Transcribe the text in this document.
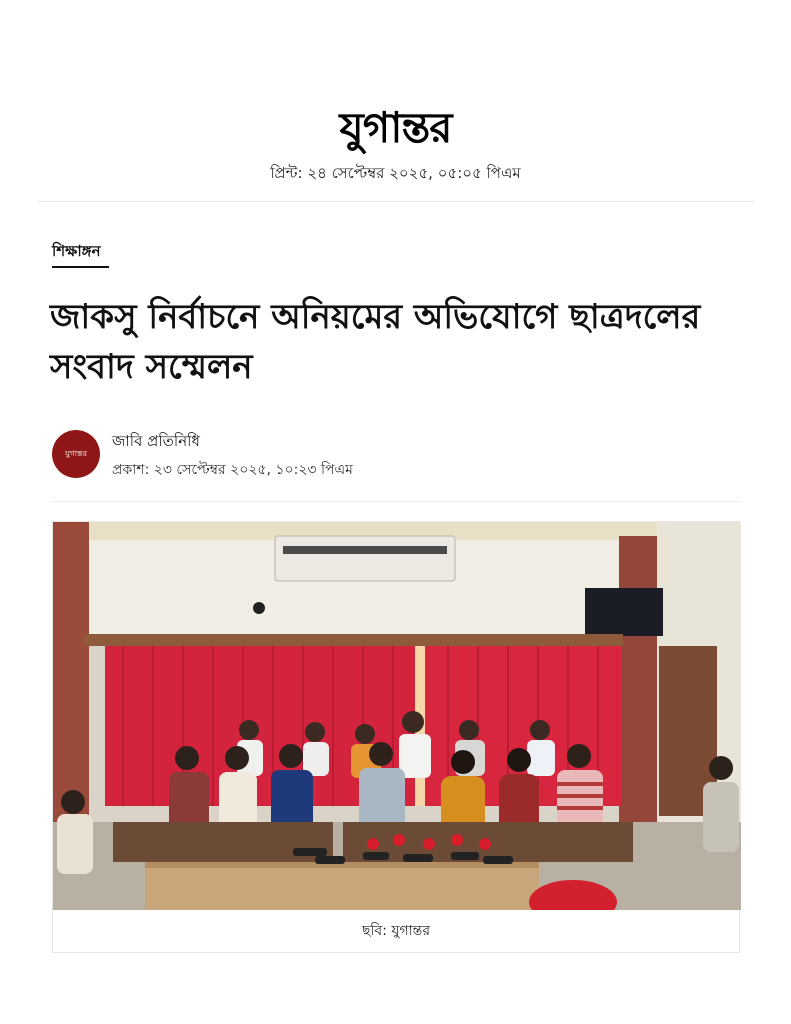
যুগান্তর
প্রিন্ট: ২৪ সেপ্টেম্বর ২০২৫, ০৫:০৫ পিএম
শিক্ষাঙ্গন
জাকসু নির্বাচনে অনিয়মের অভিযোগে ছাত্রদলের সংবাদ সম্মেলন
যুগান্তর
জাবি প্রতিনিধি
প্রকাশ: ২৩ সেপ্টেম্বর ২০২৫, ১০:২৩ পিএম
ছবি: যুগান্তর
